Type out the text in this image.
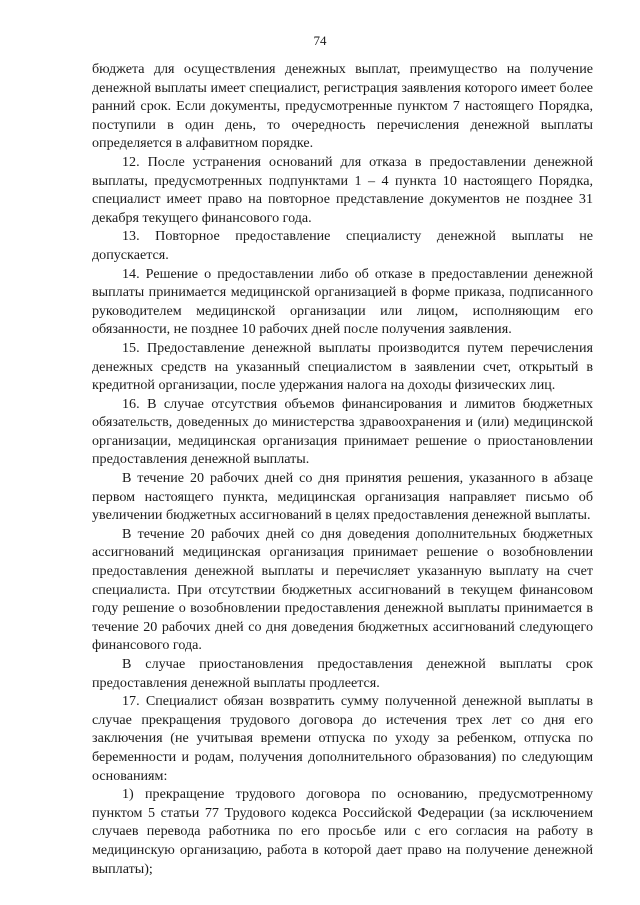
74

бюджета для осуществления денежных выплат, преимущество на получение денежной выплаты имеет специалист, регистрация заявления которого имеет более ранний срок. Если документы, предусмотренные пунктом 7 настоящего Порядка, поступили в один день, то очередность перечисления денежной выплаты определяется в алфавитном порядке.

12. После устранения оснований для отказа в предоставлении денежной выплаты, предусмотренных подпунктами 1 – 4 пункта 10 настоящего Порядка, специалист имеет право на повторное представление документов не позднее 31 декабря текущего финансового года.

13. Повторное предоставление специалисту денежной выплаты не допускается.

14. Решение о предоставлении либо об отказе в предоставлении денежной выплаты принимается медицинской организацией в форме приказа, подписанного руководителем медицинской организации или лицом, исполняющим его обязанности, не позднее 10 рабочих дней после получения заявления.

15. Предоставление денежной выплаты производится путем перечисления денежных средств на указанный специалистом в заявлении счет, открытый в кредитной организации, после удержания налога на доходы физических лиц.

16. В случае отсутствия объемов финансирования и лимитов бюджетных обязательств, доведенных до министерства здравоохранения и (или) медицинской организации, медицинская организация принимает решение о приостановлении предоставления денежной выплаты.

В течение 20 рабочих дней со дня принятия решения, указанного в абзаце первом настоящего пункта, медицинская организация направляет письмо об увеличении бюджетных ассигнований в целях предоставления денежной выплаты.

В течение 20 рабочих дней со дня доведения дополнительных бюджетных ассигнований медицинская организация принимает решение о возобновлении предоставления денежной выплаты и перечисляет указанную выплату на счет специалиста. При отсутствии бюджетных ассигнований в текущем финансовом году решение о возобновлении предоставления денежной выплаты принимается в течение 20 рабочих дней со дня доведения бюджетных ассигнований следующего финансового года.

В случае приостановления предоставления денежной выплаты срок предоставления денежной выплаты продлеется.

17. Специалист обязан возвратить сумму полученной денежной выплаты в случае прекращения трудового договора до истечения трех лет со дня его заключения (не учитывая времени отпуска по уходу за ребенком, отпуска по беременности и родам, получения дополнительного образования) по следующим основаниям:

1) прекращение трудового договора по основанию, предусмотренному пунктом 5 статьи 77 Трудового кодекса Российской Федерации (за исключением случаев перевода работника по его просьбе или с его согласия на работу в медицинскую организацию, работа в которой дает право на получение денежной выплаты);
